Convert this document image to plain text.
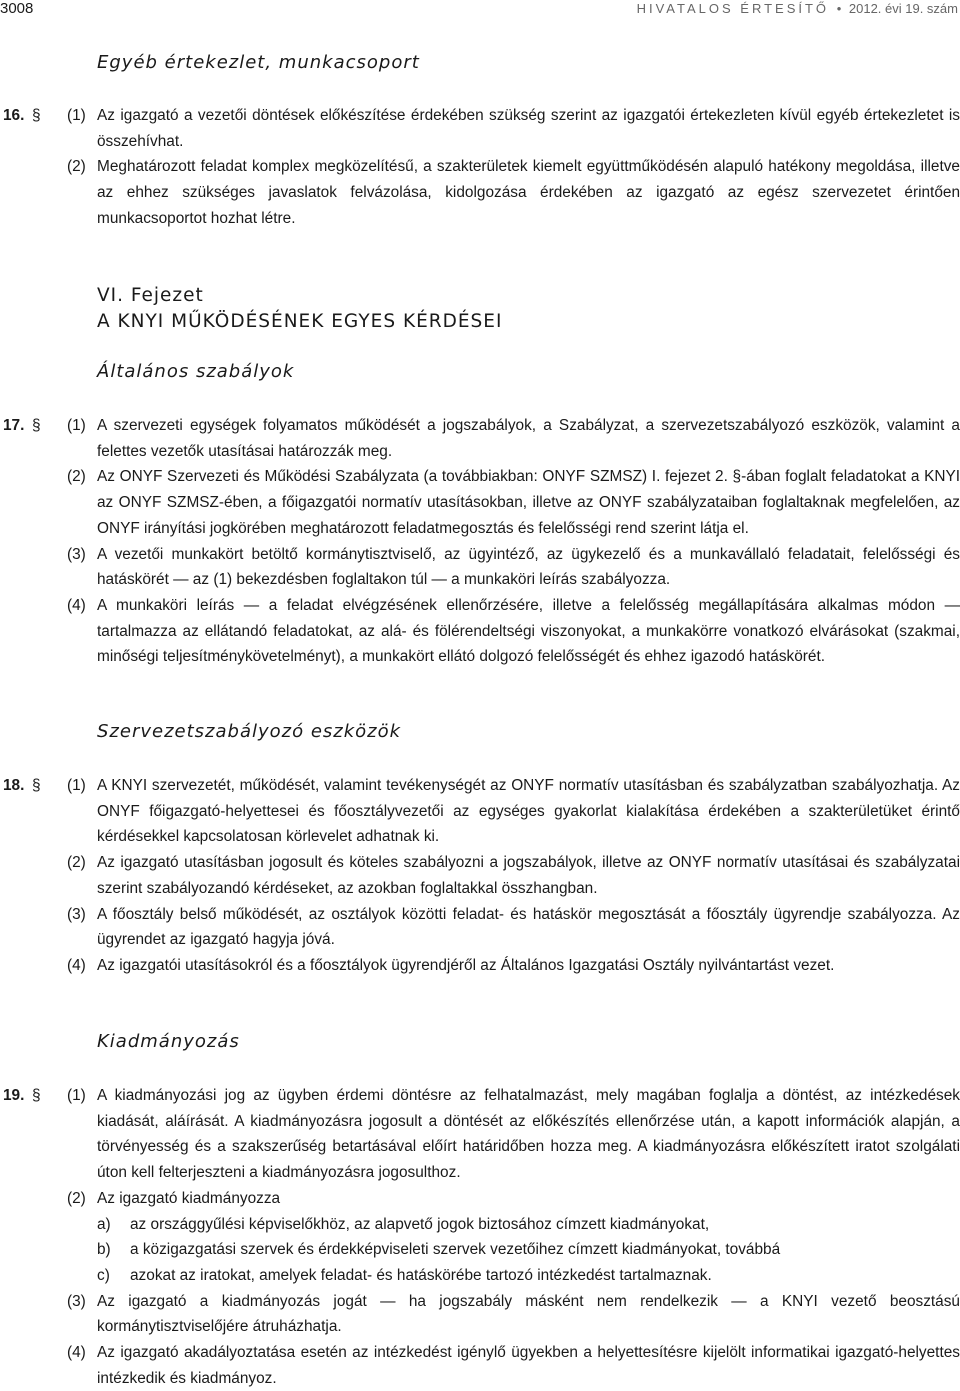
3008	HIVATALOS ÉRTESÍTŐ • 2012. évi 19. szám
Egyéb értekezlet, munkacsoport
16. § (1) Az igazgató a vezetői döntések előkészítése érdekében szükség szerint az igazgatói értekezleten kívül egyéb értekezletet is összehívhat.
(2) Meghatározott feladat komplex megközelítésű, a szakterületek kiemelt együttműködésén alapuló hatékony megoldása, illetve az ehhez szükséges javaslatok felvázolása, kidolgozása érdekében az igazgató az egész szervezetet érintően munkacsoportot hozhat létre.
VI. Fejezet
A KNYI MŰKÖDÉSÉNEK EGYES KÉRDÉSEI
Általános szabályok
17. § (1) A szervezeti egységek folyamatos működését a jogszabályok, a Szabályzat, a szervezetszabályozó eszközök, valamint a felettes vezetők utasításai határozzák meg.
(2) Az ONYF Szervezeti és Működési Szabályzata (a továbbiakban: ONYF SZMSZ) I. fejezet 2. §-ában foglalt feladatokat a KNYI az ONYF SZMSZ-ében, a főigazgatói normatív utasításokban, illetve az ONYF szabályzataiban foglaltaknak megfelelően, az ONYF irányítási jogkörében meghatározott feladatmegosztás és felelősségi rend szerint látja el.
(3) A vezetői munkakört betöltő kormánytisztviselő, az ügyintéző, az ügykezelő és a munkavállaló feladatait, felelősségi és hatáskörét — az (1) bekezdésben foglaltakon túl — a munkaköri leírás szabályozza.
(4) A munkaköri leírás — a feladat elvégzésének ellenőrzésére, illetve a felelősség megállapítására alkalmas módon — tartalmazza az ellátandó feladatokat, az alá- és fölérendeltségi viszonyokat, a munkakörre vonatkozó elvárásokat (szakmai, minőségi teljesítménykövetelményt), a munkakört ellátó dolgozó felelősségét és ehhez igazodó hatáskörét.
Szervezetszabályozó eszközök
18. § (1) A KNYI szervezetét, működését, valamint tevékenységét az ONYF normatív utasításban és szabályzatban szabályozhatja. Az ONYF főigazgató-helyettesei és főosztályvezetői az egységes gyakorlat kialakítása érdekében a szakterületüket érintő kérdésekkel kapcsolatosan körlevelet adhatnak ki.
(2) Az igazgató utasításban jogosult és köteles szabályozni a jogszabályok, illetve az ONYF normatív utasításai és szabályzatai szerint szabályozandó kérdéseket, az azokban foglaltakkal összhangban.
(3) A főosztály belső működését, az osztályok közötti feladat- és hatáskör megosztását a főosztály ügyrendje szabályozza. Az ügyrendet az igazgató hagyja jóvá.
(4) Az igazgatói utasításokról és a főosztályok ügyrendjéről az Általános Igazgatási Osztály nyilvántartást vezet.
Kiadmányozás
19. § (1) A kiadmányozási jog az ügyben érdemi döntésre az felhatalmazást, mely magában foglalja a döntést, az intézkedések kiadását, aláírását. A kiadmányozásra jogosult a döntését az előkészítés ellenőrzése után, a kapott információk alapján, a törvényesség és a szakszerűség betartásával előírt határidőben hozza meg. A kiadmányozásra előkészített iratot szolgálati úton kell felterjeszteni a kiadmányozásra jogosulthoz.
(2) Az igazgató kiadmányozza
a) az országgyűlési képviselőkhöz, az alapvető jogok biztosához címzett kiadmányokat,
b) a közigazgatási szervek és érdekképviseleti szervek vezetőihez címzett kiadmányokat, továbbá
c) azokat az iratokat, amelyek feladat- és hatáskörébe tartozó intézkedést tartalmaznak.
(3) Az igazgató a kiadmányozás jogát — ha jogszabály másként nem rendelkezik — a KNYI vezető beosztású kormánytisztviselőjére átruházhatja.
(4) Az igazgató akadályoztatása esetén az intézkedést igénylő ügyekben a helyettesítésre kijelölt informatikai igazgató-helyettes intézkedik és kiadmányoz.
